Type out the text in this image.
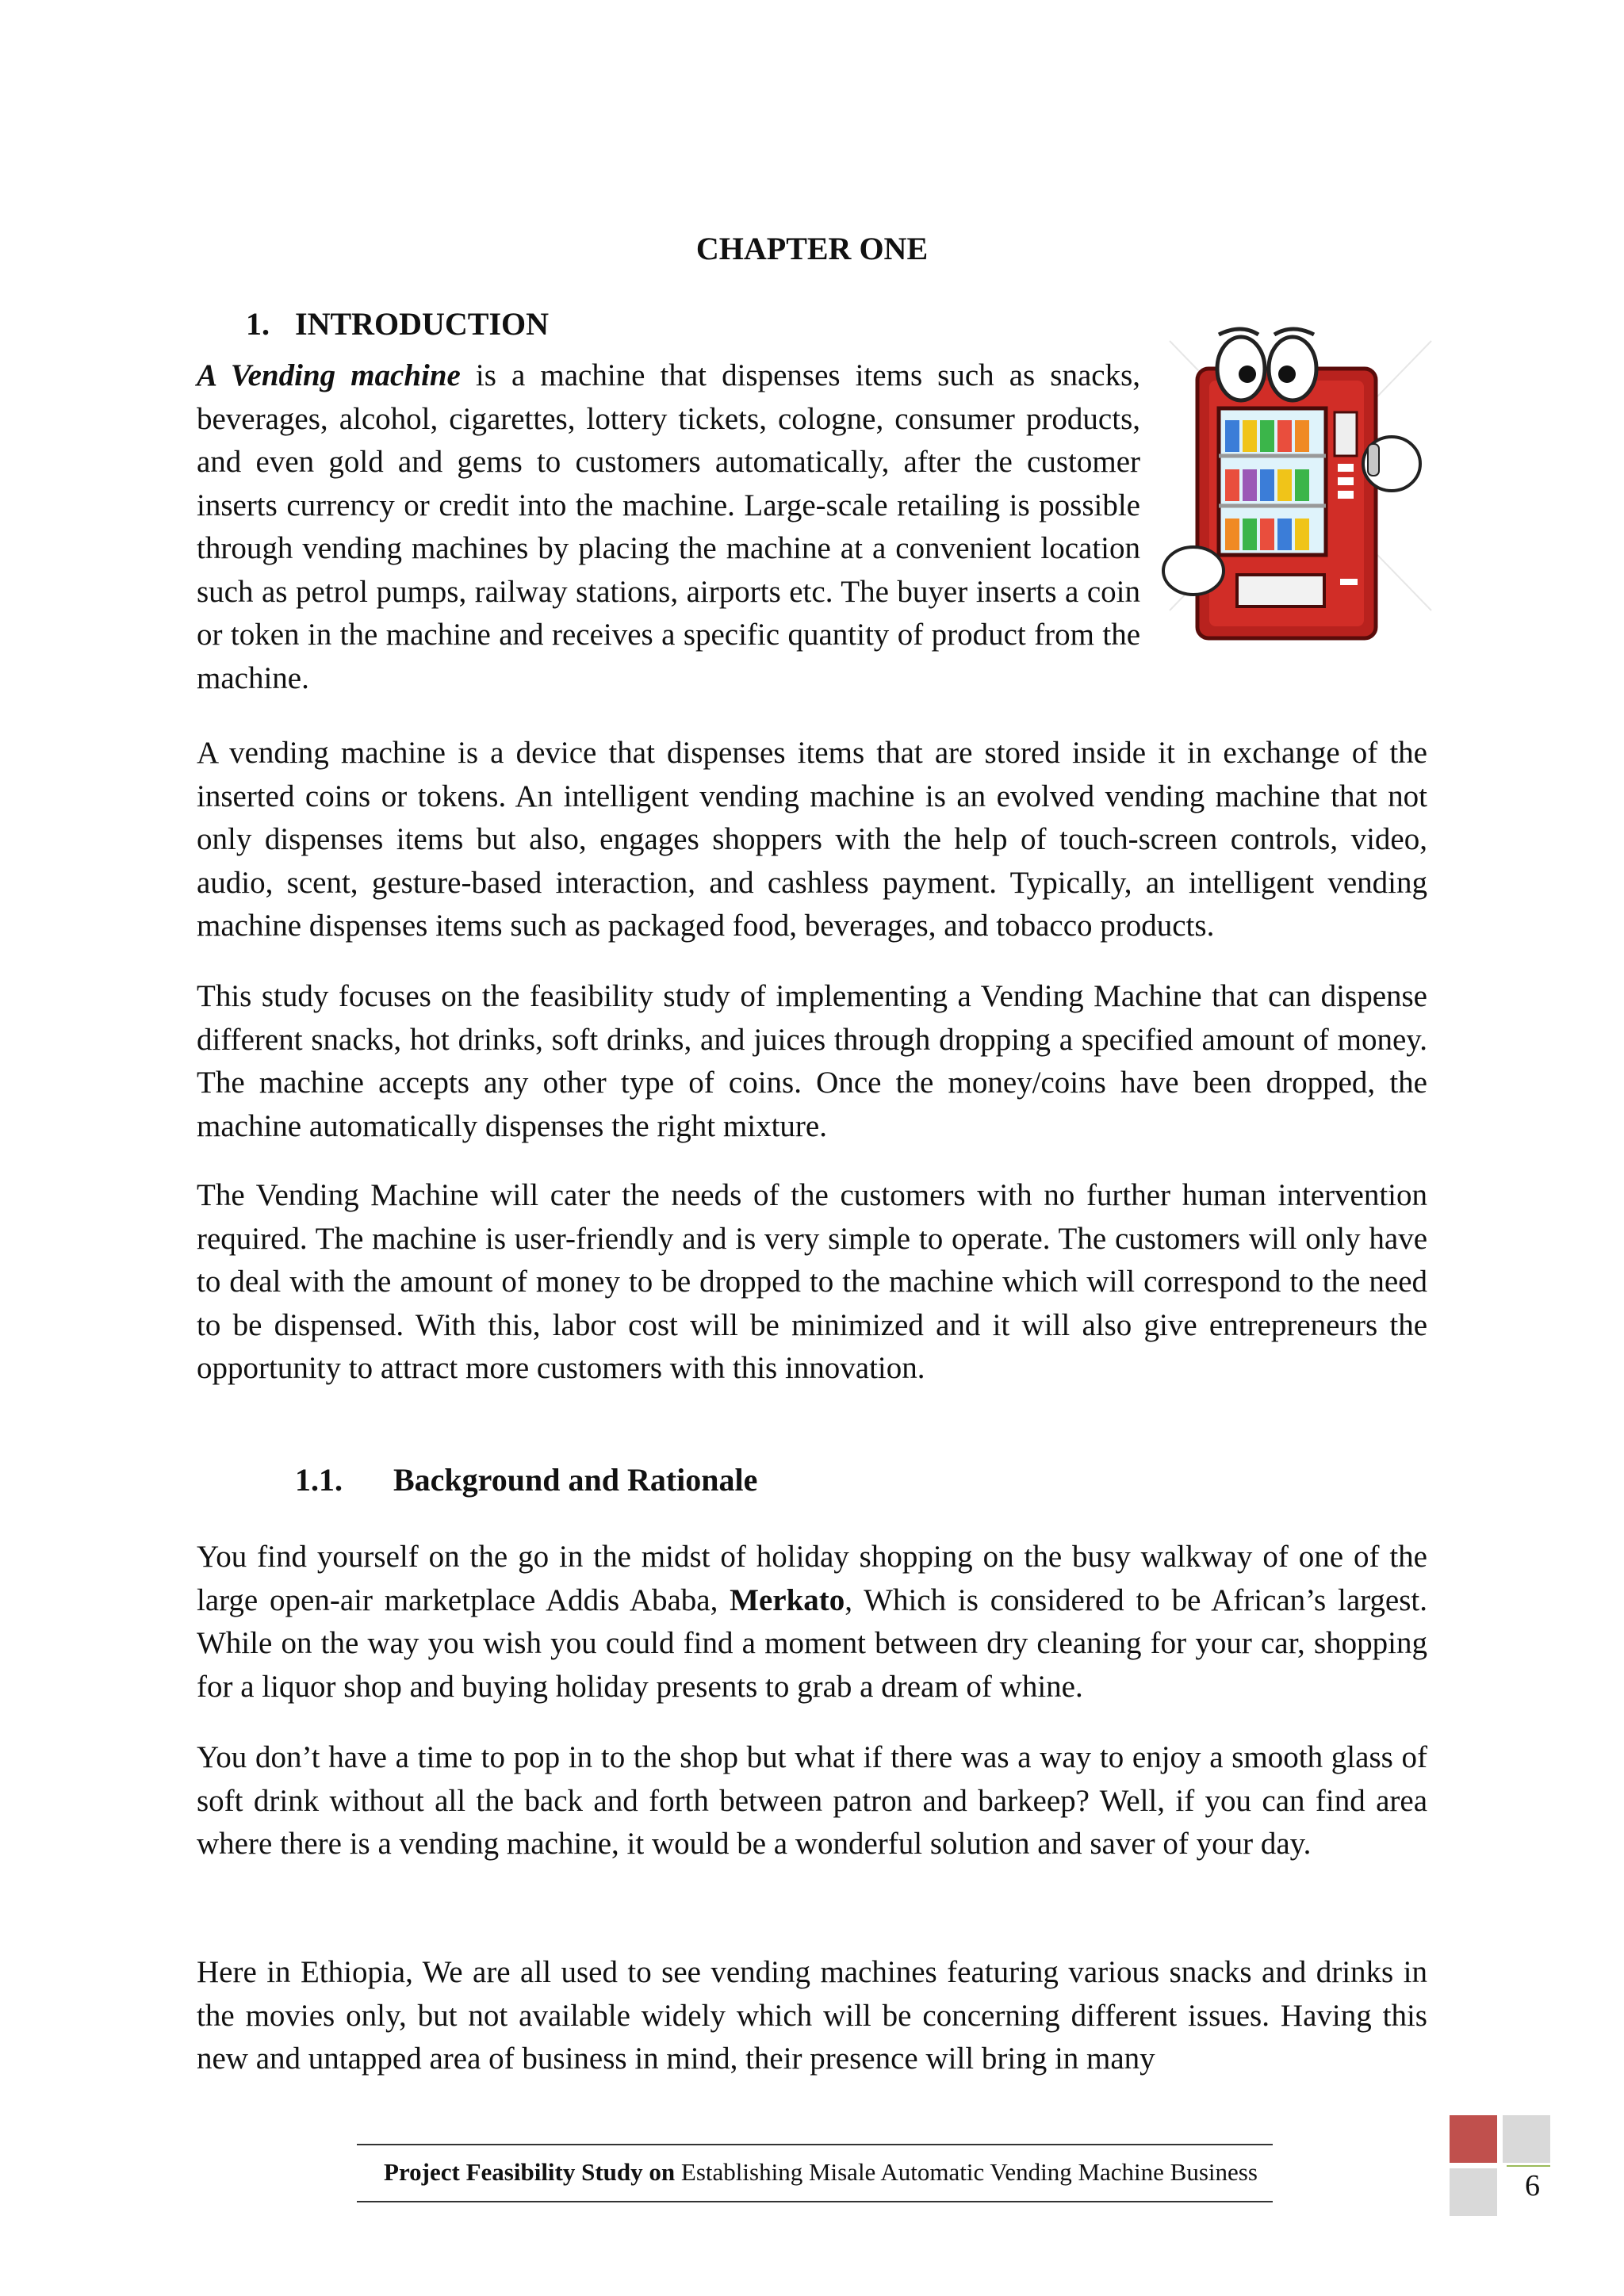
CHAPTER ONE
1. INTRODUCTION

A Vending machine is a machine that dispenses items such as snacks, beverages, alcohol, cigarettes, lottery tickets, cologne, consumer products, and even gold and gems to customers automatically, after the customer inserts currency or credit into the machine. Large-scale retailing is possible through vending machines by placing the machine at a convenient location such as petrol pumps, railway stations, airports etc. The buyer inserts a coin or token in the machine and receives a specific quantity of product from the machine.

A vending machine is a device that dispenses items that are stored inside it in exchange of the inserted coins or tokens. An intelligent vending machine is an evolved vending machine that not only dispenses items but also, engages shoppers with the help of touch-screen controls, video, audio, scent, gesture-based interaction, and cashless payment. Typically, an intelligent vending machine dispenses items such as packaged food, beverages, and tobacco products.

This study focuses on the feasibility study of implementing a Vending Machine that can dispense different snacks, hot drinks, soft drinks, and juices through dropping a specified amount of money. The machine accepts any other type of coins. Once the money/coins have been dropped, the machine automatically dispenses the right mixture.

The Vending Machine will cater the needs of the customers with no further human intervention required. The machine is user-friendly and is very simple to operate. The customers will only have to deal with the amount of money to be dropped to the machine which will correspond to the need to be dispensed. With this, labor cost will be minimized and it will also give entrepreneurs the opportunity to attract more customers with this innovation.

1.1. Background and Rationale

You find yourself on the go in the midst of holiday shopping on the busy walkway of one of the large open-air marketplace Addis Ababa, Merkato, Which is considered to be African’s largest. While on the way you wish you could find a moment between dry cleaning for your car, shopping for a liquor shop and buying holiday presents to grab a dream of whine.

You don’t have a time to pop in to the shop but what if there was a way to enjoy a smooth glass of soft drink without all the back and forth between patron and barkeep? Well, if you can find area where there is a vending machine, it would be a wonderful solution and saver of your day.

Here in Ethiopia, We are all used to see vending machines featuring various snacks and drinks in the movies only, but not available widely which will be concerning different issues. Having this new and untapped area of business in mind, their presence will bring in many

Project Feasibility Study on Establishing Misale Automatic Vending Machine Business	6
